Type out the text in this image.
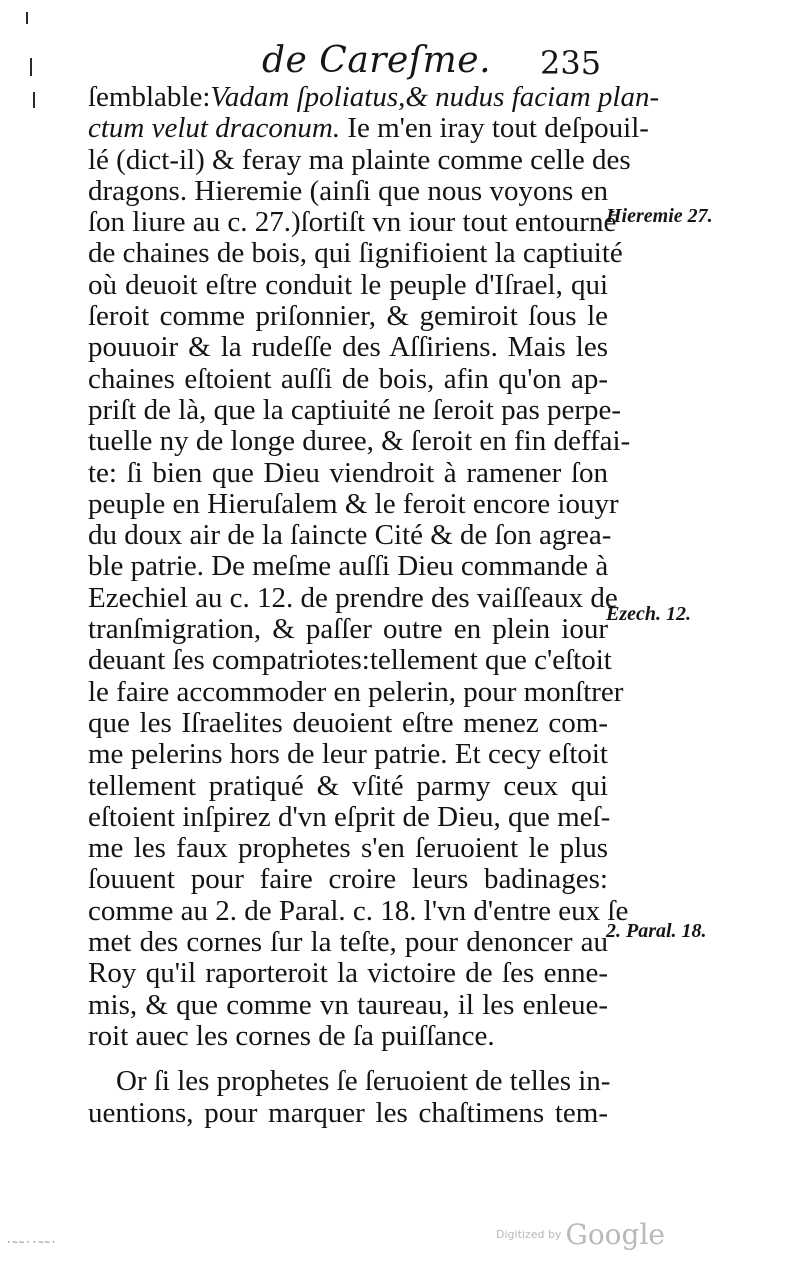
de Careſme. 235
ſemblable:Vadam ſpoliatus,& nudus faciam plan-
ctum velut draconum. Ie m'en iray tout deſpouil-
lé (dict-il) & feray ma plainte comme celle des
dragons. Hieremie (ainſi que nous voyons en
ſon liure au c. 27.)ſortiſt vn iour tout entourné
de chaines de bois, qui ſignifioient la captiuité
où deuoit eſtre conduit le peuple d'Iſrael, qui
ſeroit comme priſonnier, & gemiroit ſous le
pouuoir & la rudeſſe des Aſſiriens. Mais les
chaines eſtoient auſſi de bois, afin qu'on ap-
priſt de là, que la captiuité ne ſeroit pas perpe-
tuelle ny de longe duree, & ſeroit en fin deffai-
te: ſi bien que Dieu viendroit à ramener ſon
peuple en Hieruſalem & le feroit encore iouyr
du doux air de la ſaincte Cité & de ſon agrea-
ble patrie. De meſme auſſi Dieu commande à
Ezechiel au c. 12. de prendre des vaiſſeaux de
tranſmigration, & paſſer outre en plein iour
deuant ſes compatriotes:tellement que c'eſtoit
le faire accommoder en pelerin, pour monſtrer
que les Iſraelites deuoient eſtre menez com-
me pelerins hors de leur patrie. Et cecy eſtoit
tellement pratiqué & vſité parmy ceux qui
eſtoient inſpirez d'vn eſprit de Dieu, que meſ-
me les faux prophetes s'en ſeruoient le plus
ſouuent pour faire croire leurs badinages:
comme au 2. de Paral. c. 18. l'vn d'entre eux ſe
met des cornes ſur la teſte, pour denoncer au
Roy qu'il raporteroit la victoire de ſes enne-
mis, & que comme vn taureau, il les enleue-
roit auec les cornes de ſa puiſſance.
Or ſi les prophetes ſe ſeruoient de telles in-
uentions, pour marquer les chaſtimens tem-
Hieremie 27.
Ezech. 12.
2. Paral. 18.
·~~··~~·
Digitized by Google
